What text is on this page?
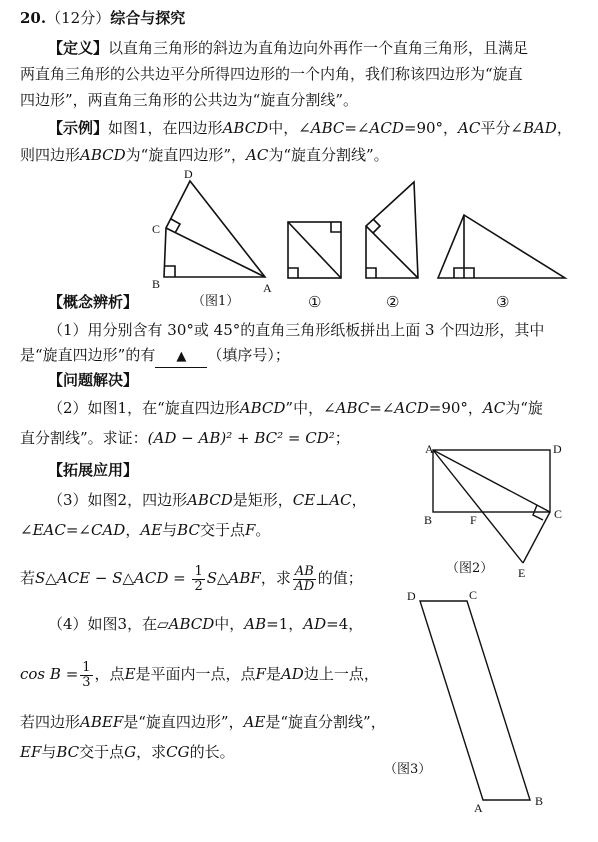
20.（12分）综合与探究
【定义】以直角三角形的斜边为直角边向外再作一个直角三角形，且满足
两直角三角形的公共边平分所得四边形的一个内角，我们称该四边形为“旋直
四边形”，两直角三角形的公共边为“旋直分割线”。
【示例】如图1，在四边形ABCD中，∠ABC=∠ACD=90°，AC平分∠BAD，
则四边形ABCD为“旋直四边形”，AC为“旋直分割线”。
D
C
B	A
（图1）	①	②	③
【概念辨析】
（1）用分别含有 30°或 45°的直角三角形纸板拼出上面 3 个四边形，其中
是“旋直四边形”的有 ▲ （填序号）；
【问题解决】
（2）如图1，在“旋直四边形ABCD”中，∠ABC=∠ACD=90°，AC为“旋
直分割线”。求证：(AD − AB)² + BC² = CD²；
【拓展应用】
（3）如图2，四边形ABCD是矩形，CE⊥AC，
∠EAC=∠CAD，AE与BC交于点F。
若S△ACE − S△ACD = $\frac{1}{2}$ S△ABF，求 $\frac{AB}{AD}$ 的值；
（4）如图3，在▱ABCD中，AB=1，AD=4，
$\cos B = \frac{1}{3}$ ，点E是平面内一点，点F是AD边上一点，
若四边形ABEF是“旋直四边形”，AE是“旋直分割线”，
EF与BC交于点G，求CG的长。
A	D
B	F	C
E
D	C
A	B
（图2）
（图3）
